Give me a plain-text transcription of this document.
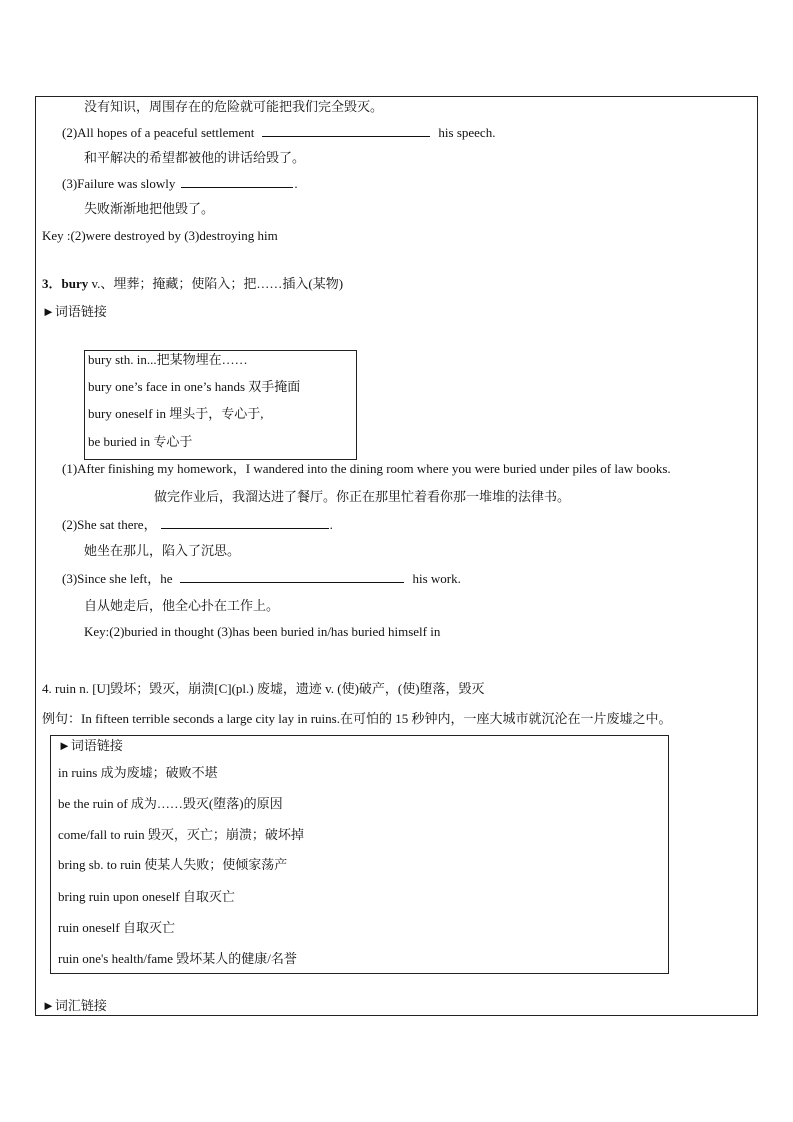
没有知识，周围存在的危险就可能把我们完全毁灭。
(2)All hopes of a peaceful settlement	his speech.
和平解决的希望都被他的讲话给毁了。
(3)Failure was slowly	.
失败渐渐地把他毁了。
Key :(2)were destroyed by (3)destroying him
3．bury v.、埋葬；掩藏；使陷入；把……插入(某物)
►词语链接
bury sth. in...把某物埋在……
bury one’s face in one’s hands 双手掩面
bury oneself in 埋头于，专心于,
be buried in 专心于
(1)After finishing my homework，I wandered into the dining room where you were buried under piles of law books.
做完作业后，我溜达进了餐厅。你正在那里忙着看你那一堆堆的法律书。
(2)She sat there，	.
她坐在那儿，陷入了沉思。
(3)Since she left，he	his work.
自从她走后，他全心扑在工作上。
Key:(2)buried in thought (3)has been buried in/has buried himself in
4. ruin n. [U]毁坏；毁灭，崩溃[C](pl.) 废墟，遗迹 v. (使)破产，(使)堕落，毁灭
例句：In fifteen terrible seconds a large city lay in ruins.在可怕的 15 秒钟内，一座大城市就沉沦在一片废墟之中。
►词语链接
in ruins 成为废墟；破败不堪
be the ruin of 成为……毁灭(堕落)的原因
come/fall to ruin 毁灭，灭亡；崩溃；破坏掉
bring sb. to ruin 使某人失败；使倾家荡产
bring ruin upon oneself 自取灭亡
ruin oneself 自取灭亡
ruin one's health/fame 毁坏某人的健康/名誉
►词汇链接
